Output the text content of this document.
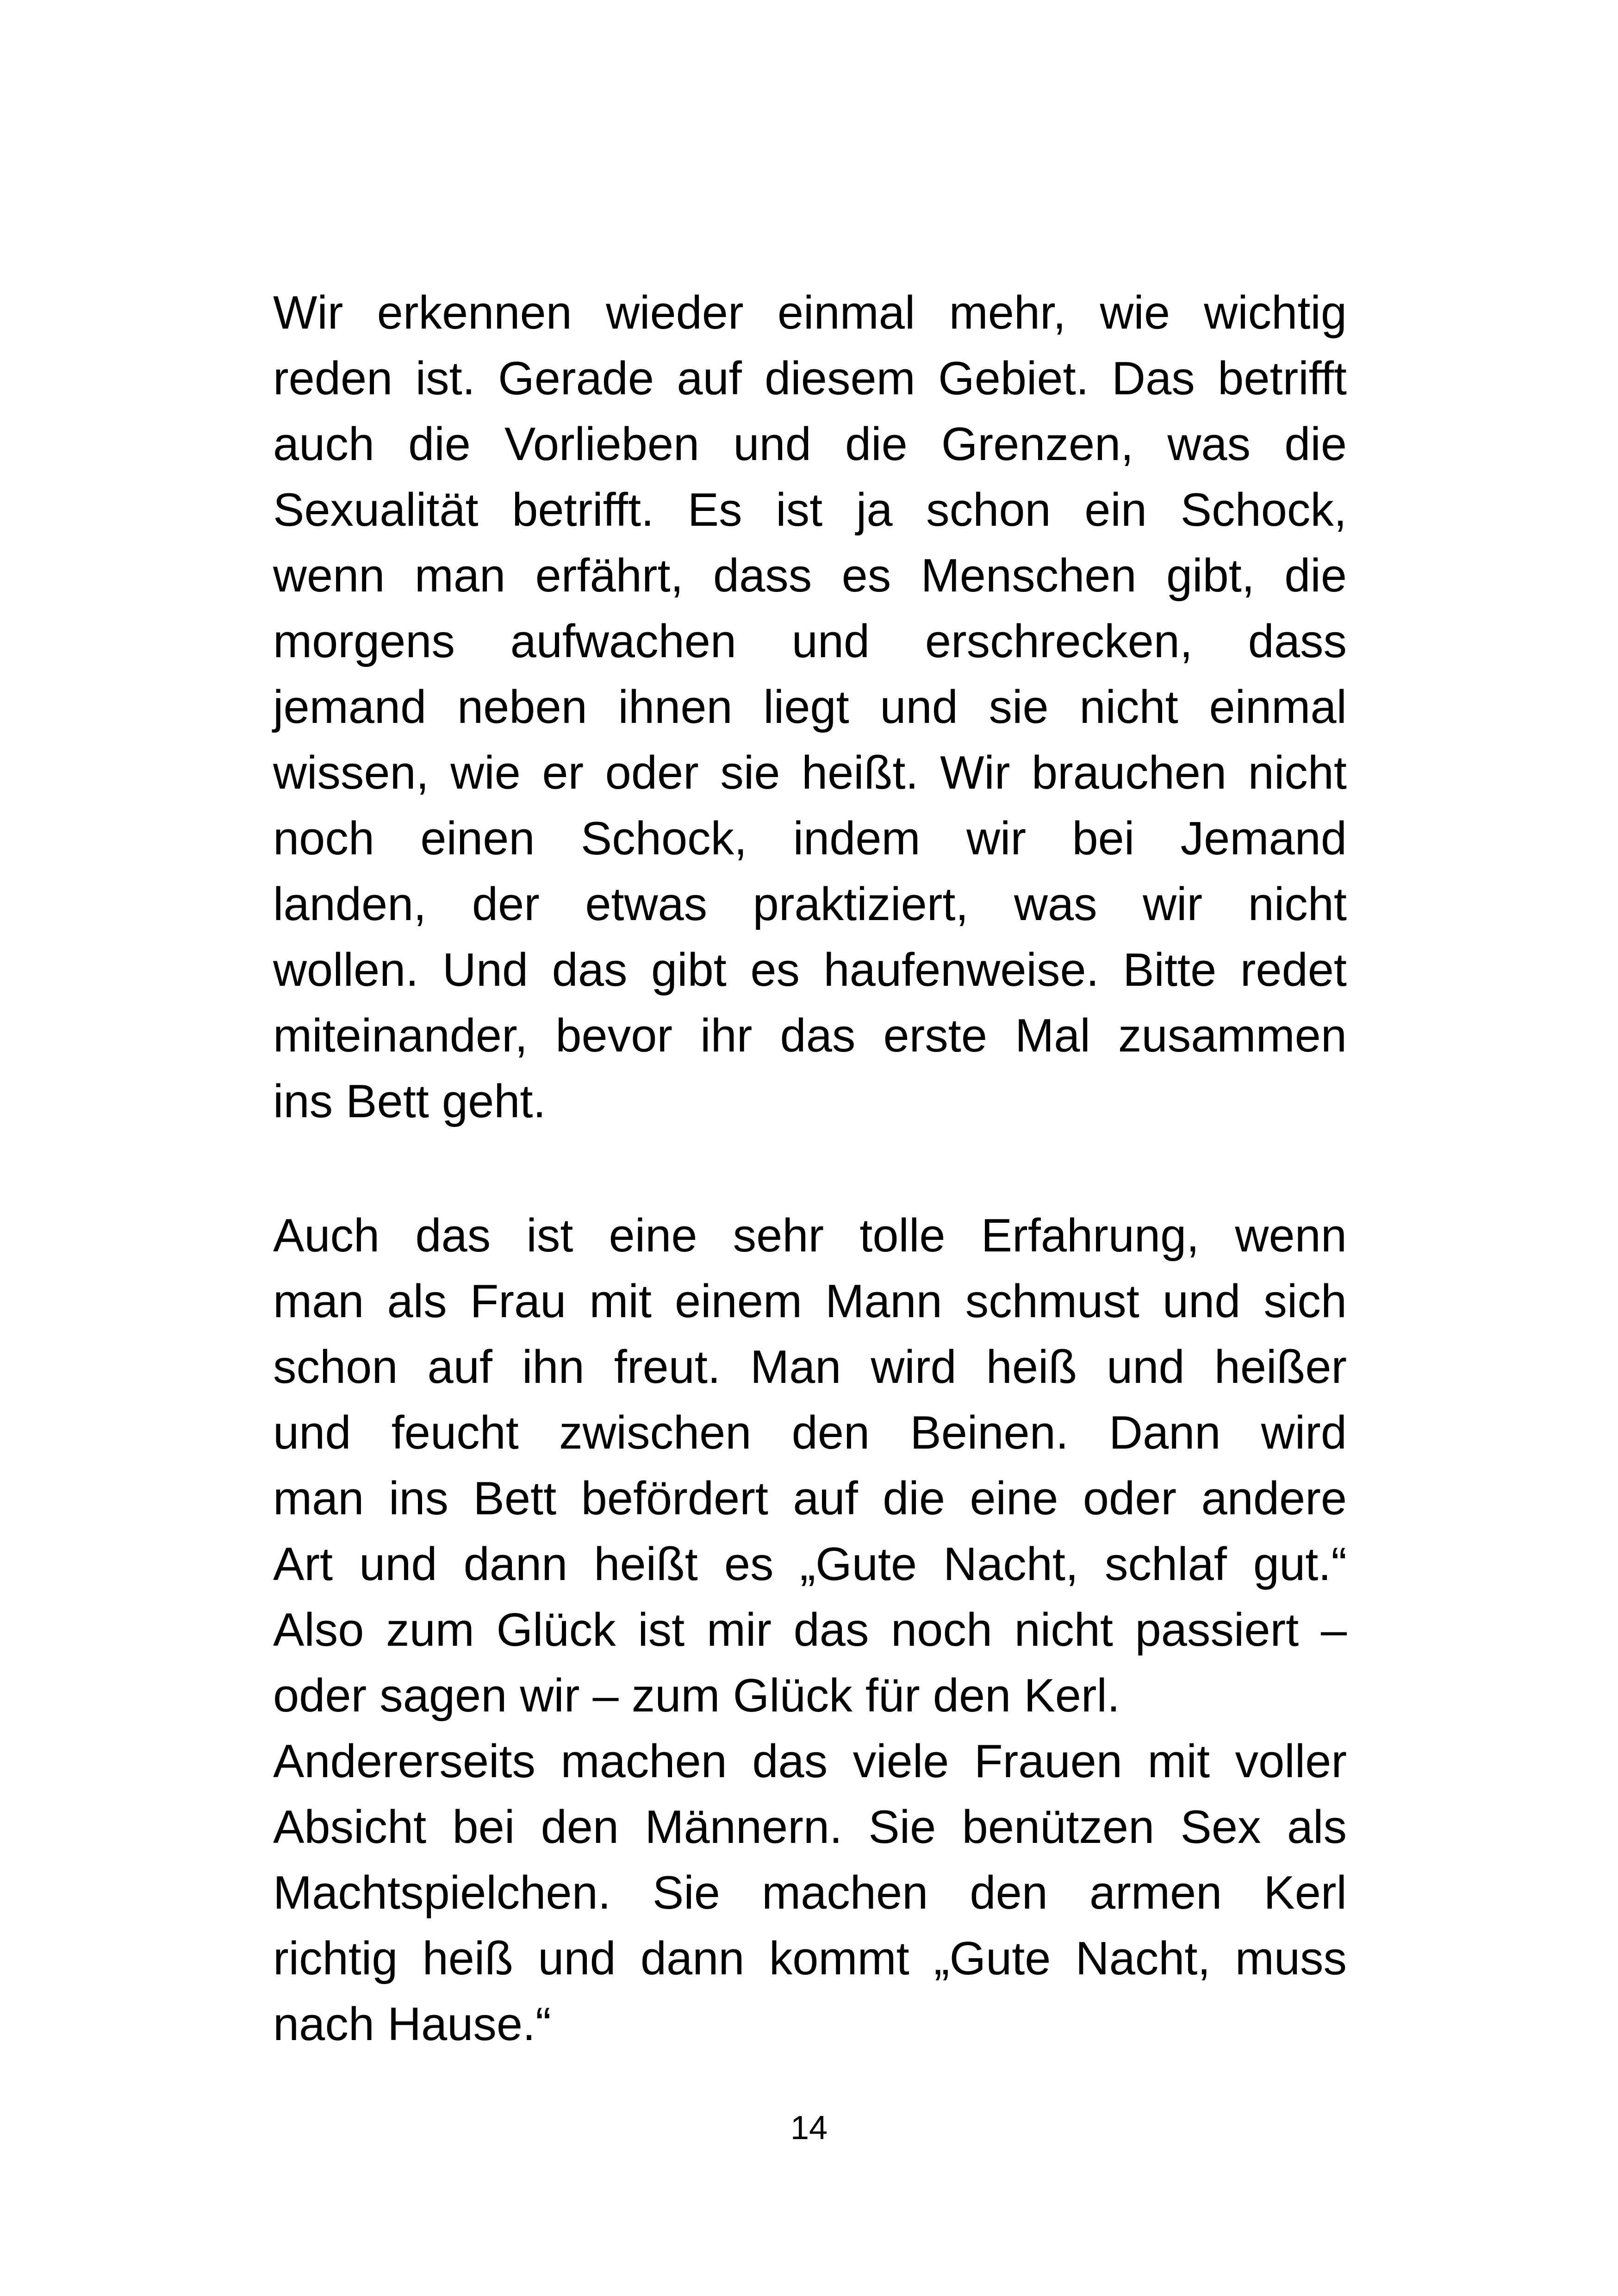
Wir erkennen wieder einmal mehr, wie wichtig
reden ist. Gerade auf diesem Gebiet. Das betrifft
auch die Vorlieben und die Grenzen, was die
Sexualität betrifft. Es ist ja schon ein Schock,
wenn man erfährt, dass es Menschen gibt, die
morgens aufwachen und erschrecken, dass
jemand neben ihnen liegt und sie nicht einmal
wissen, wie er oder sie heißt. Wir brauchen nicht
noch einen Schock, indem wir bei Jemand
landen, der etwas praktiziert, was wir nicht
wollen. Und das gibt es haufenweise. Bitte redet
miteinander, bevor ihr das erste Mal zusammen
ins Bett geht.
Auch das ist eine sehr tolle Erfahrung, wenn
man als Frau mit einem Mann schmust und sich
schon auf ihn freut. Man wird heiß und heißer
und feucht zwischen den Beinen. Dann wird
man ins Bett befördert auf die eine oder andere
Art und dann heißt es „Gute Nacht, schlaf gut.“
Also zum Glück ist mir das noch nicht passiert –
oder sagen wir – zum Glück für den Kerl.
Andererseits machen das viele Frauen mit voller
Absicht bei den Männern. Sie benützen Sex als
Machtspielchen. Sie machen den armen Kerl
richtig heiß und dann kommt „Gute Nacht, muss
nach Hause.“
14
